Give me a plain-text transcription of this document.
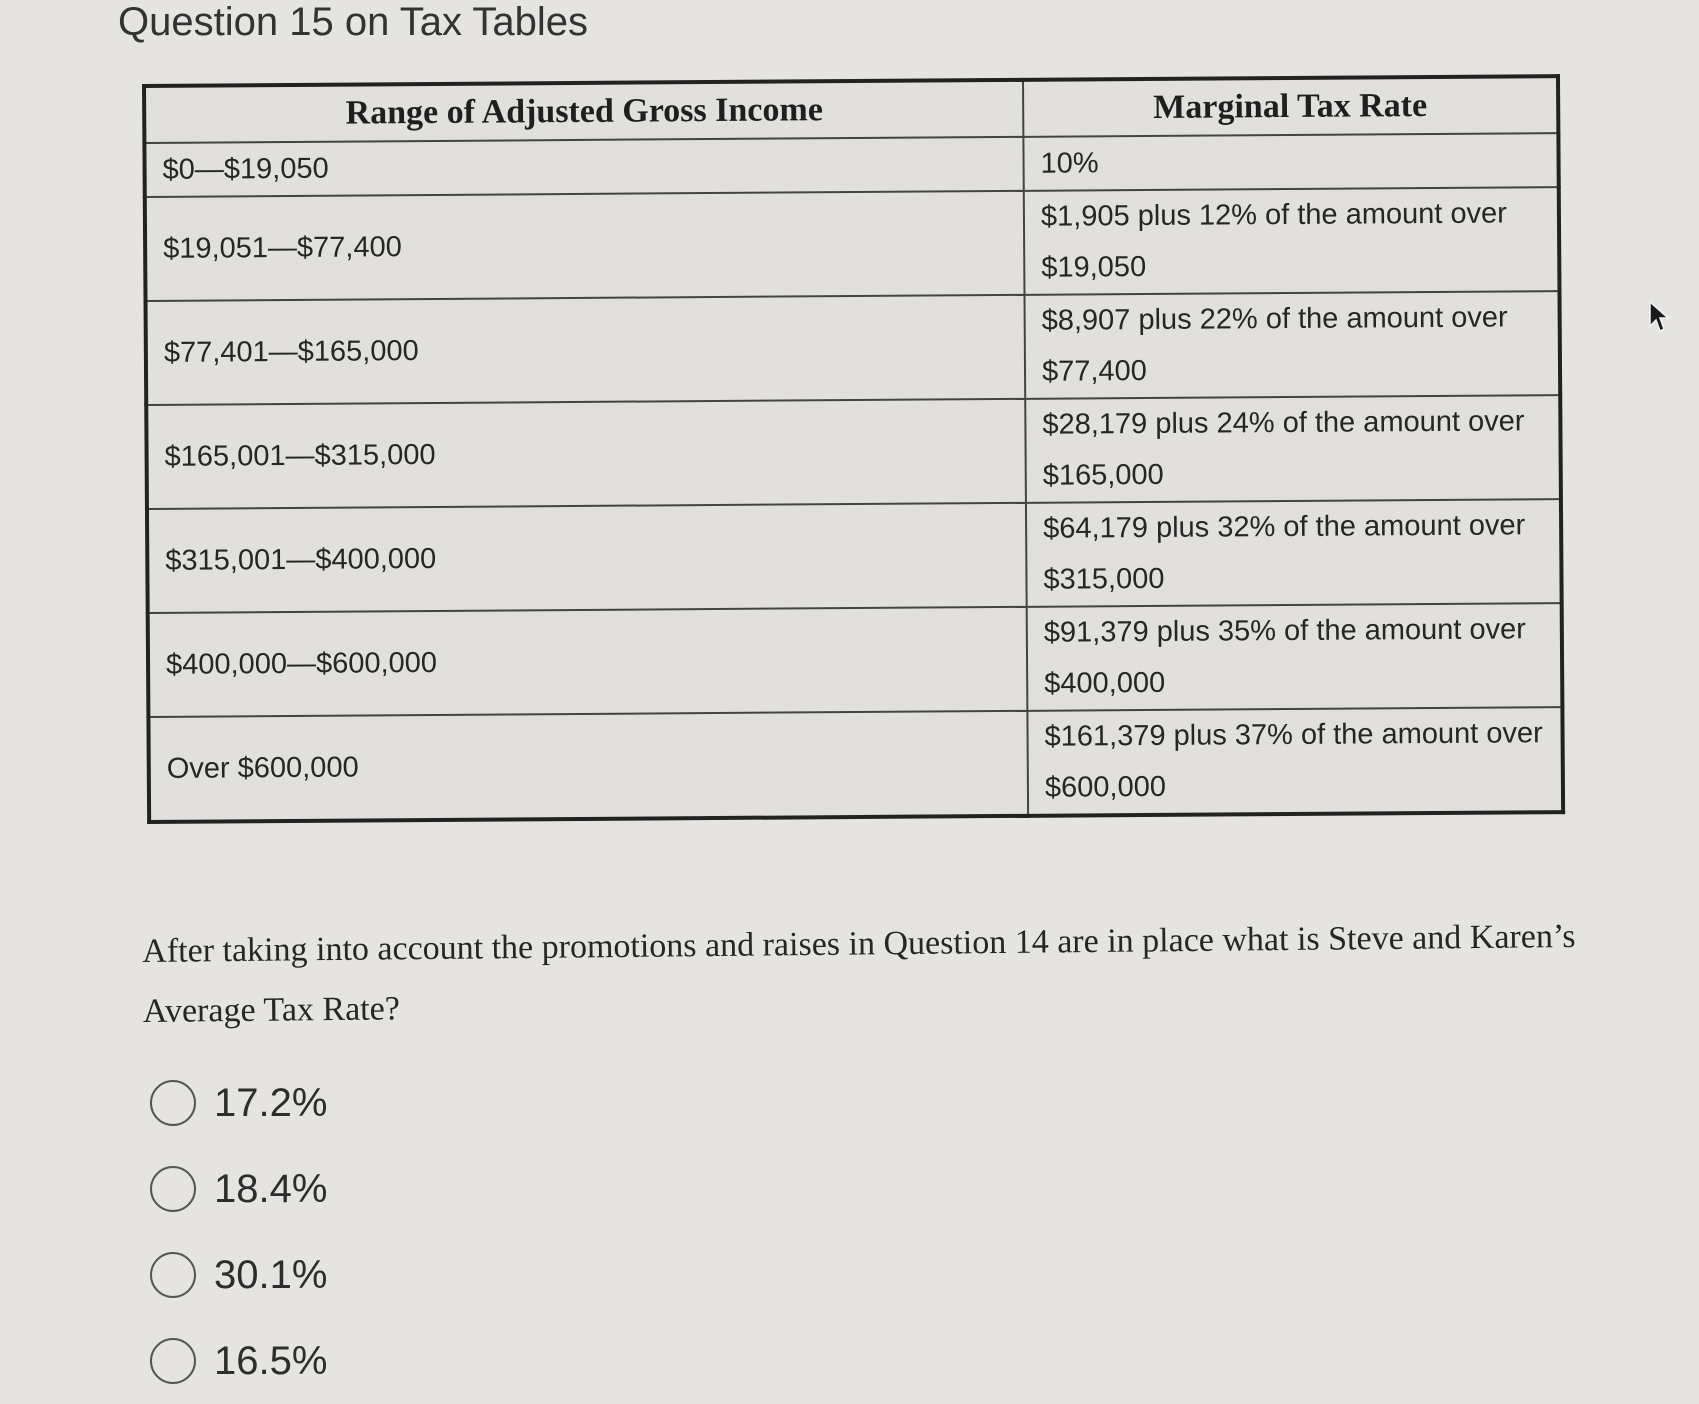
Question 15 on Tax Tables
Range of Adjusted Gross Income	Marginal Tax Rate
$0—$19,050	10%
$19,051—$77,400	$1,905 plus 12% of the amount over $19,050
$77,401—$165,000	$8,907 plus 22% of the amount over $77,400
$165,001—$315,000	$28,179 plus 24% of the amount over $165,000
$315,001—$400,000	$64,179 plus 32% of the amount over $315,000
$400,000—$600,000	$91,379 plus 35% of the amount over $400,000
Over $600,000	$161,379 plus 37% of the amount over $600,000

After taking into account the promotions and raises in Question 14 are in place what is Steve and Karen’s Average Tax Rate?

17.2%
18.4%
30.1%
16.5%
